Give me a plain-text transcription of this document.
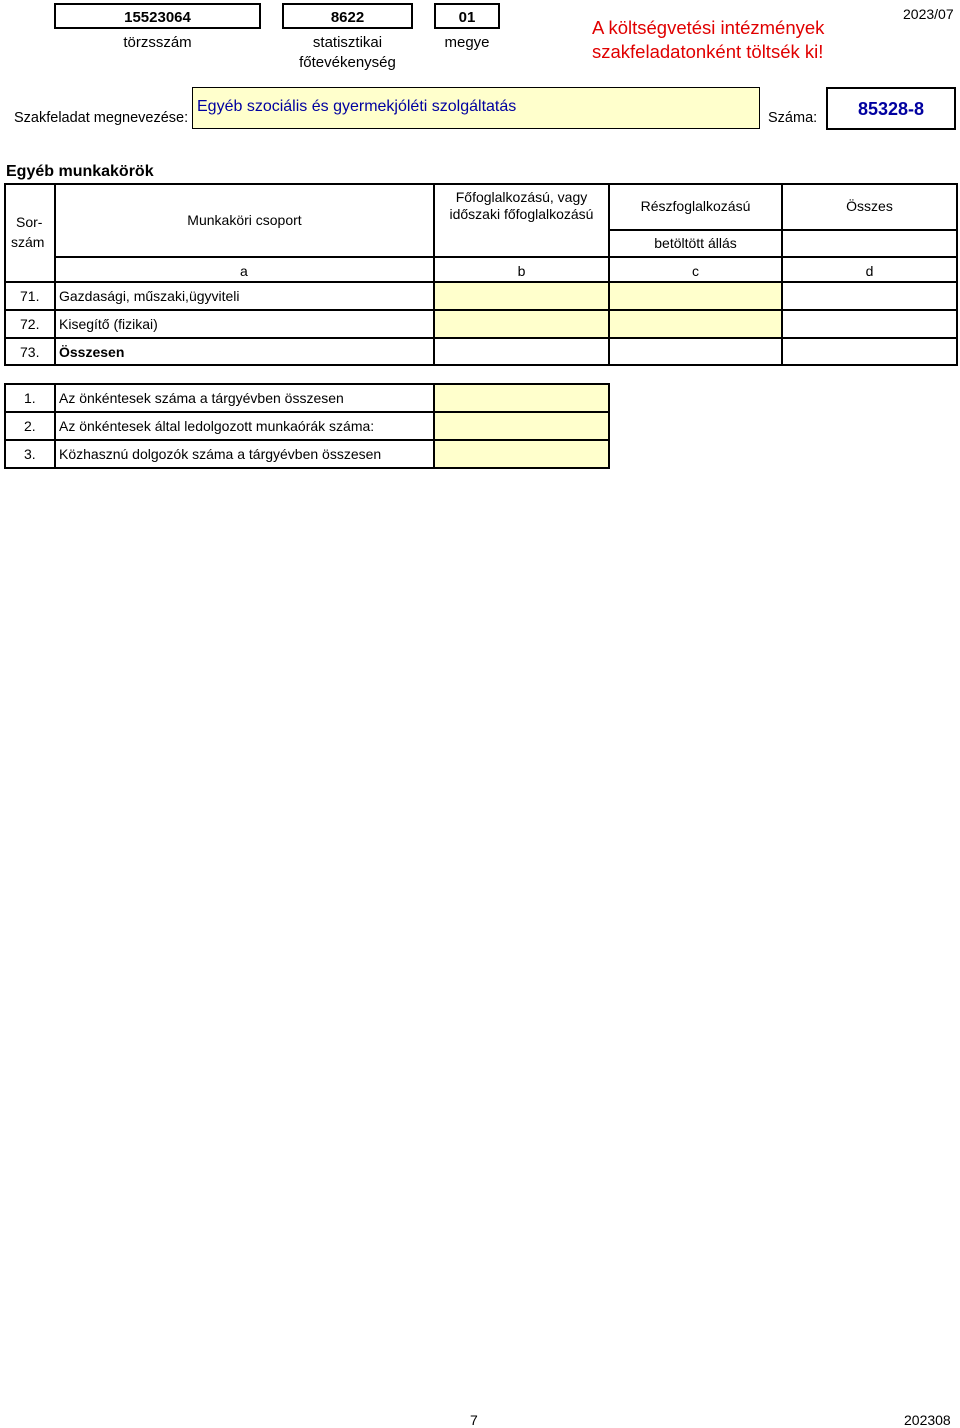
15523064
törzsszám
8622
statisztikai
főtevékenység
01
megye
A költségvetési intézmények
szakfeladatonként töltsék ki!
2023/07
Szakfeladat megnevezése:
Egyéb szociális és gyermekjóléti szolgáltatás
Száma:	85328-8
Egyéb munkakörök
Sor-
szám
Munkaköri csoport
Főfoglalkozású, vagy
időszaki főfoglalkozású	Részfoglalkozású	Összes
betöltött állás
a	b	c	d
71. Gazdasági, műszaki,ügyviteli
72. Kisegítő (fizikai)
73. Összesen
1. Az önkéntesek száma a tárgyévben összesen
2. Az önkéntesek által ledolgozott munkaórák száma:
3. Közhasznú dolgozók száma a tárgyévben összesen
7	202308
